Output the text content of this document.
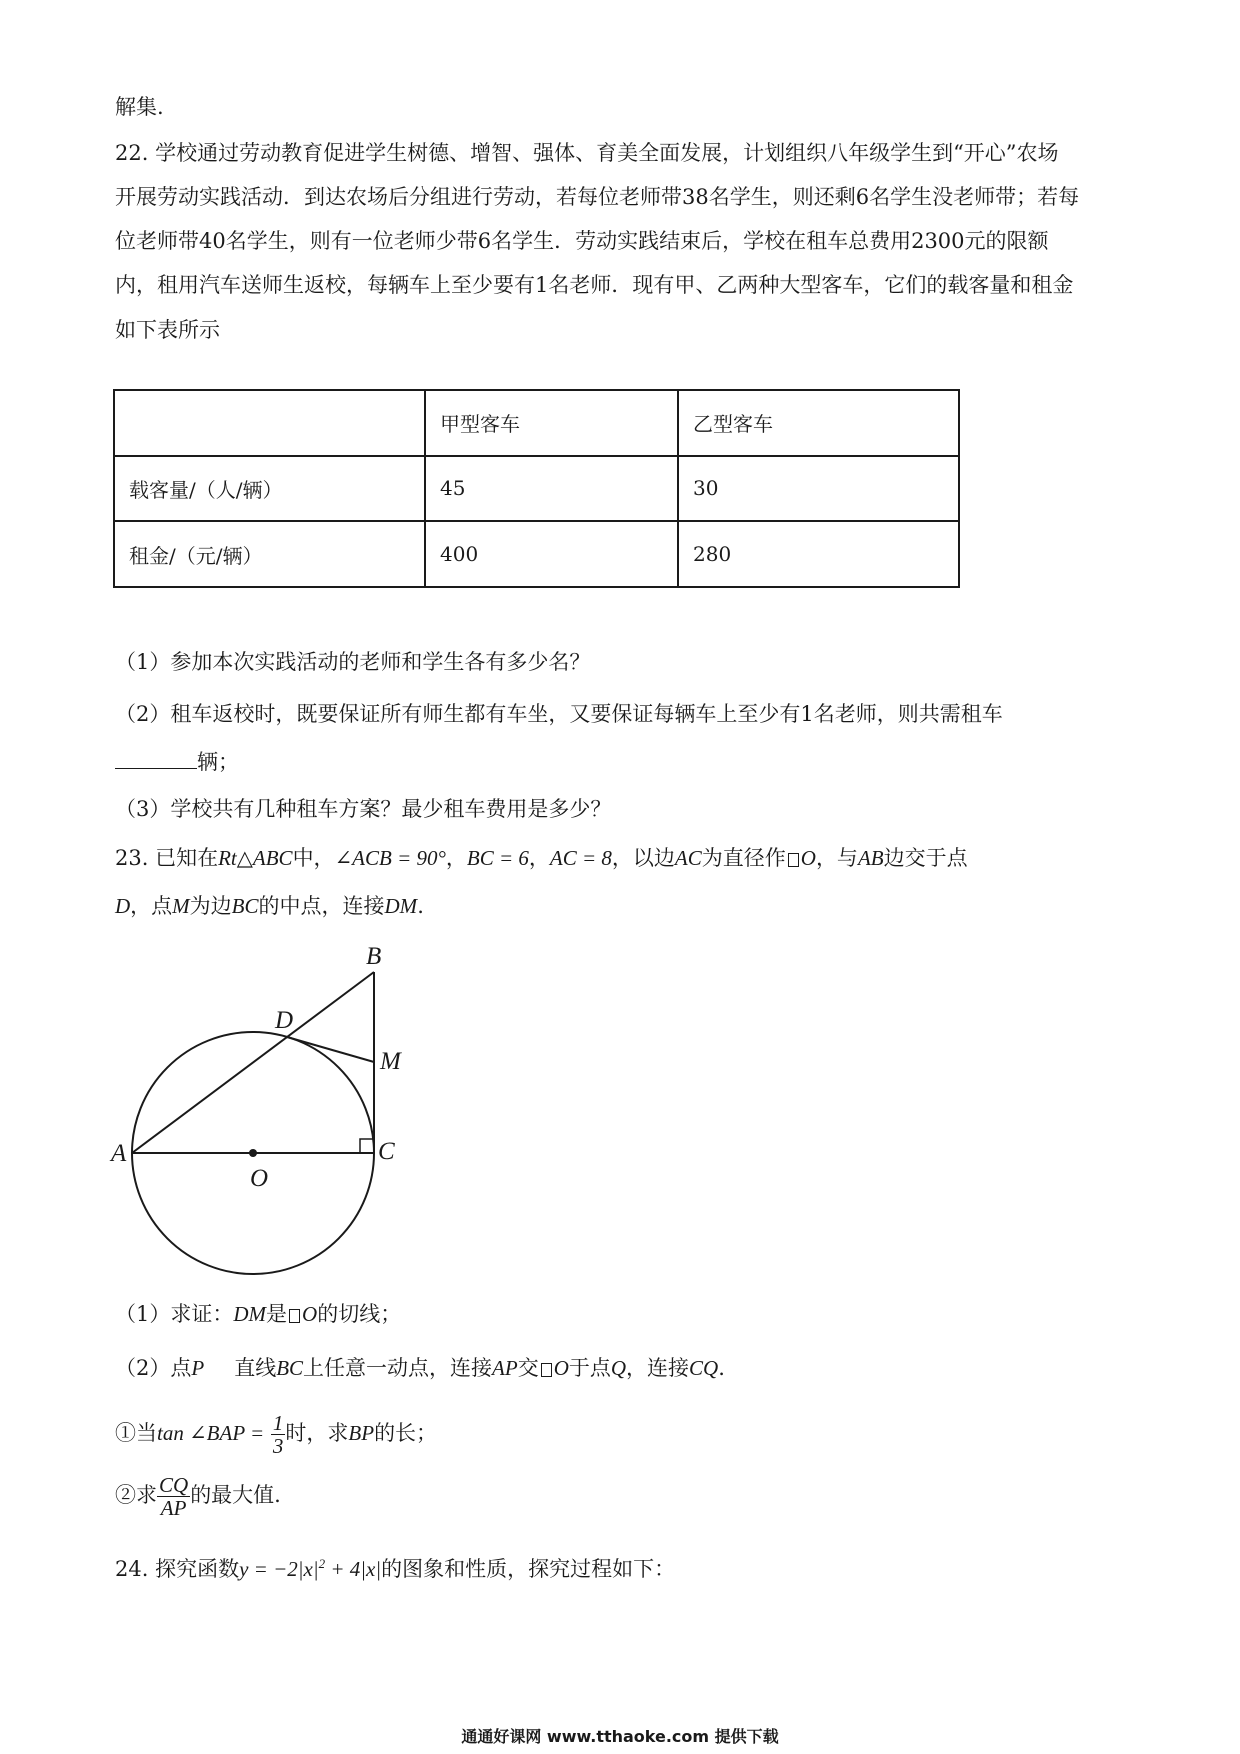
解集.
22. 学校通过劳动教育促进学生树德、增智、强体、育美全面发展，计划组织八年级学生到“开心”农场
开展劳动实践活动．到达农场后分组进行劳动，若每位老师带38名学生，则还剩6名学生没老师带；若每
位老师带40名学生，则有一位老师少带6名学生．劳动实践结束后，学校在租车总费用2300元的限额
内，租用汽车送师生返校，每辆车上至少要有1名老师．现有甲、乙两种大型客车，它们的载客量和租金
如下表所示
	甲型客车	乙型客车
载客量/（人/辆）	45	30
租金/（元/辆）	400	280
（1）参加本次实践活动的老师和学生各有多少名？
（2）租车返校时，既要保证所有师生都有车坐，又要保证每辆车上至少有1名老师，则共需租车
辆；
（3）学校共有几种租车方案？最少租车费用是多少？
23. 已知在Rt△ABC中，∠ACB = 90°，BC = 6，AC = 8，以边AC为直径作 O，与AB边交于点
D，点M为边BC的中点，连接DM.
B
D
M
A	C
O
（1）求证：DM是 O的切线；
（2）点P 直线BC上任意一动点，连接AP交 O于点Q，连接CQ.
①当tan ∠BAP = $\frac{1}{3}$ 时，求BP的长；
②求 $\frac{CQ}{AP}$ 的最大值.
24. 探究函数$y = -2|x|^2 + 4|x|$的图象和性质，探究过程如下：
通通好课网 www.tthaoke.com 提供下载
